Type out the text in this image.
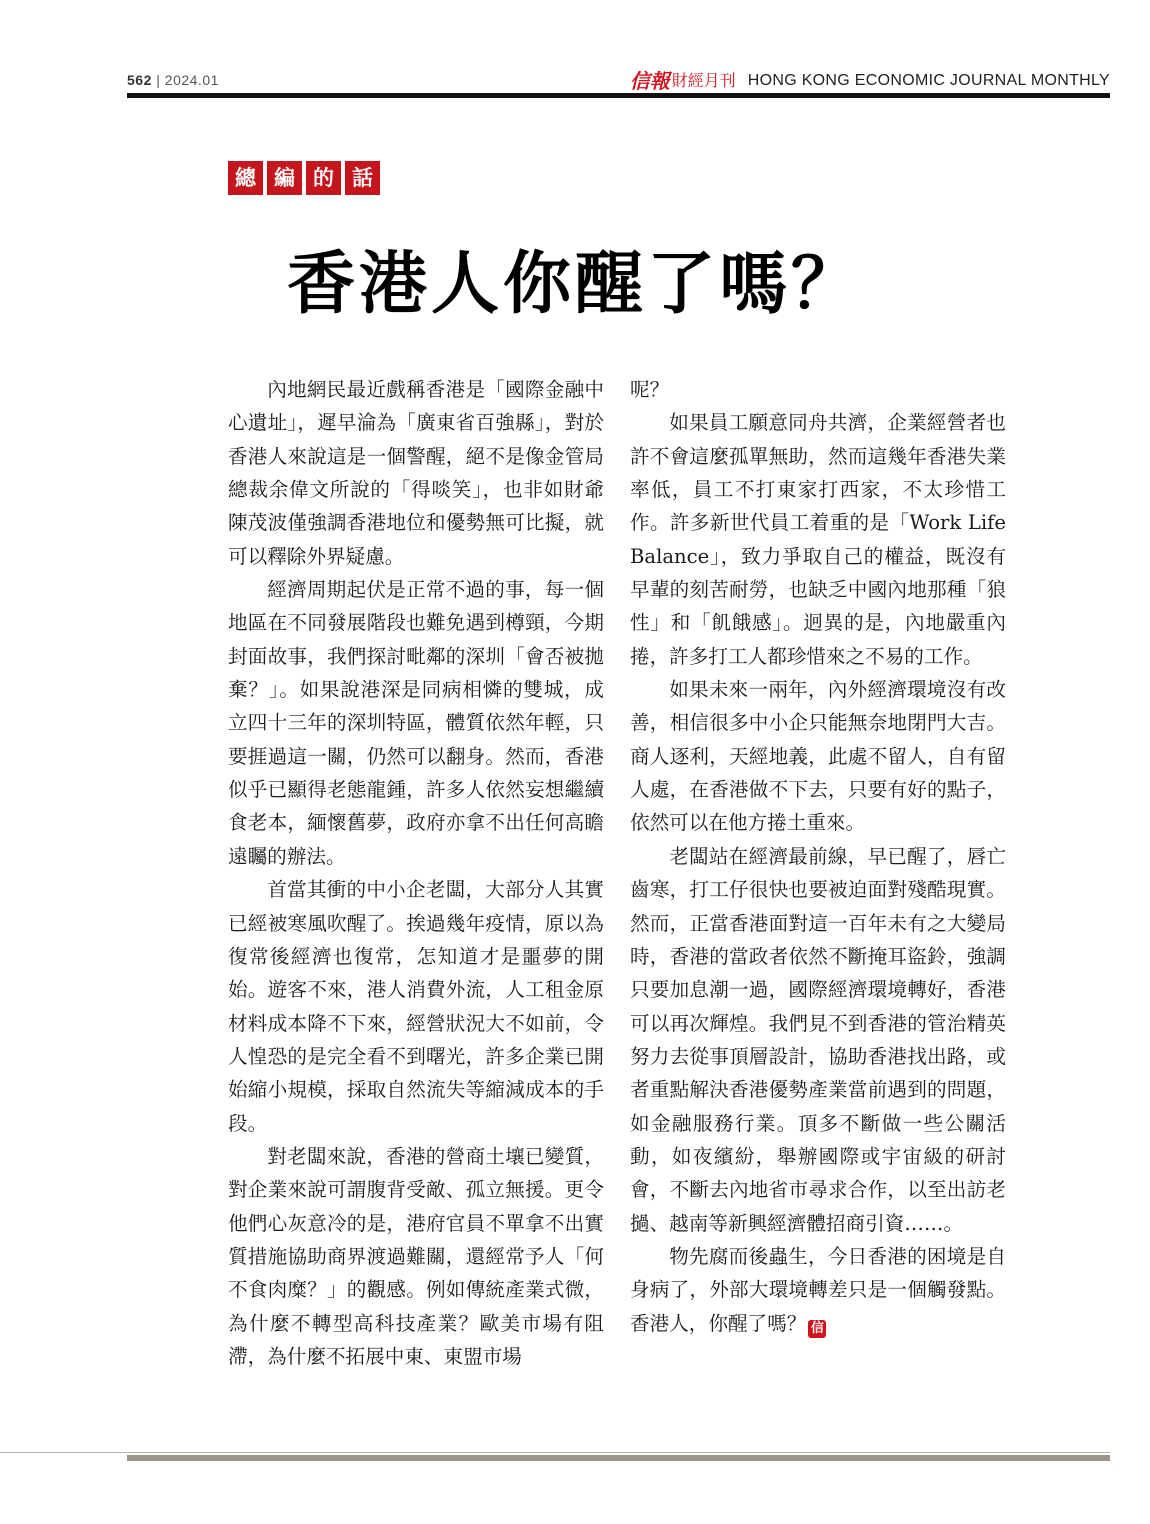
562 | 2024.01	信報 財經月刊 HONG KONG ECONOMIC JOURNAL MONTHLY
總 編 的 話
香港人你醒了嗎？

內地網民最近戲稱香港是「國際金融中心遺址」，遲早淪為「廣東省百強縣」，對於香港人來說這是一個警醒，絕不是像金管局總裁余偉文所說的「得啖笑」，也非如財爺陳茂波僅強調香港地位和優勢無可比擬，就可以釋除外界疑慮。

經濟周期起伏是正常不過的事，每一個地區在不同發展階段也難免遇到樽頸，今期封面故事，我們探討毗鄰的深圳「會否被拋棄？」。如果說港深是同病相憐的雙城，成立四十三年的深圳特區，體質依然年輕，只要捱過這一關，仍然可以翻身。然而，香港似乎已顯得老態龍鍾，許多人依然妄想繼續食老本，緬懷舊夢，政府亦拿不出任何高瞻遠矚的辦法。

首當其衝的中小企老闆，大部分人其實已經被寒風吹醒了。挨過幾年疫情，原以為復常後經濟也復常，怎知道才是噩夢的開始。遊客不來，港人消費外流，人工租金原材料成本降不下來，經營狀況大不如前，令人惶恐的是完全看不到曙光，許多企業已開始縮小規模，採取自然流失等縮減成本的手段。

對老闆來說，香港的營商土壤已變質，對企業來說可謂腹背受敵、孤立無援。更令他們心灰意冷的是，港府官員不單拿不出實質措施協助商界渡過難關，還經常予人「何不食肉糜？」的觀感。例如傳統產業式微，為什麼不轉型高科技產業？歐美市場有阻滯，為什麼不拓展中東、東盟市場

呢？

如果員工願意同舟共濟，企業經營者也許不會這麼孤單無助，然而這幾年香港失業率低，員工不打東家打西家，不太珍惜工作。許多新世代員工着重的是「Work Life Balance」，致力爭取自己的權益，既沒有早輩的刻苦耐勞，也缺乏中國內地那種「狼性」和「飢餓感」。迥異的是，內地嚴重內捲，許多打工人都珍惜來之不易的工作。

如果未來一兩年，內外經濟環境沒有改善，相信很多中小企只能無奈地閉門大吉。商人逐利，天經地義，此處不留人，自有留人處，在香港做不下去，只要有好的點子，依然可以在他方捲土重來。

老闆站在經濟最前線，早已醒了，唇亡齒寒，打工仔很快也要被迫面對殘酷現實。然而，正當香港面對這一百年未有之大變局時，香港的當政者依然不斷掩耳盜鈴，強調只要加息潮一過，國際經濟環境轉好，香港可以再次輝煌。我們見不到香港的管治精英努力去從事頂層設計，協助香港找出路，或者重點解決香港優勢產業當前遇到的問題，如金融服務行業。頂多不斷做一些公關活動，如夜繽紛，舉辦國際或宇宙級的研討會，不斷去內地省市尋求合作，以至出訪老撾、越南等新興經濟體招商引資……。

物先腐而後蟲生，今日香港的困境是自身病了，外部大環境轉差只是一個觸發點。香港人，你醒了嗎？ 信
